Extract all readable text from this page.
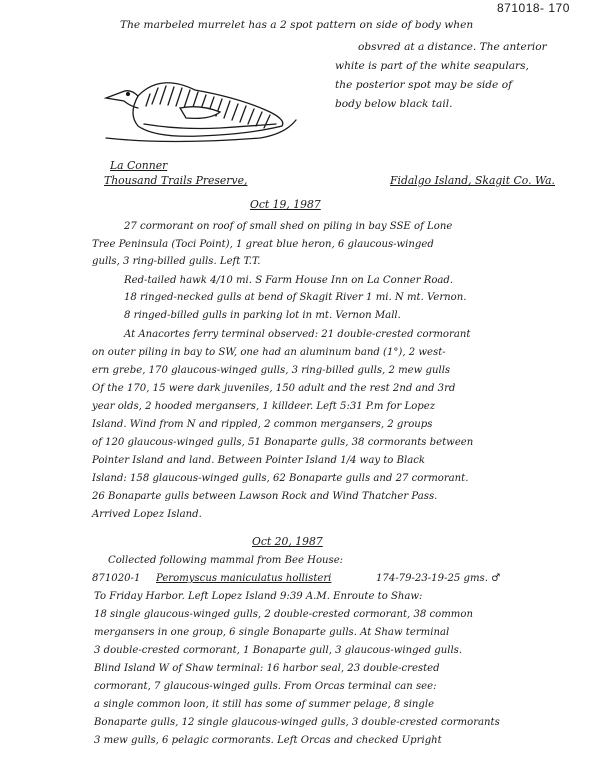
871018- 170
The marbeled murrelet has a 2 spot pattern on side of body when
obsvred at a distance. The anterior
white is part of the white seapulars,
the posterior spot may be side of
body below black tail.
La Conner
Thousand Trails Preserve,	Fidalgo Island, Skagit Co. Wa.
Oct 19, 1987
27 cormorant on roof of small shed on piling in bay SSE of Lone
Tree Peninsula (Toci Point), 1 great blue heron, 6 glaucous-winged
gulls, 3 ring-billed gulls. Left T.T.
Red-tailed hawk 4/10 mi. S Farm House Inn on La Conner Road.
18 ringed-necked gulls at bend of Skagit River 1 mi. N mt. Vernon.
8 ringed-billed gulls in parking lot in mt. Vernon Mall.
At Anacortes ferry terminal observed: 21 double-crested cormorant
on outer piling in bay to SW, one had an aluminum band (1°), 2 west-
ern grebe, 170 glaucous-winged gulls, 3 ring-billed gulls, 2 mew gulls
Of the 170, 15 were dark juveniles, 150 adult and the rest 2nd and 3rd
year olds, 2 hooded mergansers, 1 killdeer. Left 5:31 P.m for Lopez
Island. Wind from N and rippled, 2 common mergansers, 2 groups
of 120 glaucous-winged gulls, 51 Bonaparte gulls, 38 cormorants between
Pointer Island and land. Between Pointer Island 1/4 way to Black
Island: 158 glaucous-winged gulls, 62 Bonaparte gulls and 27 cormorant.
26 Bonaparte gulls between Lawson Rock and Wind Thatcher Pass.
Arrived Lopez Island.
Oct 20, 1987
Collected following mammal from Bee House:
871020-1 Peromyscus maniculatus hollisteri	174-79-23-19-25 gms. ♂
To Friday Harbor. Left Lopez Island 9:39 A.M. Enroute to Shaw:
18 single glaucous-winged gulls, 2 double-crested cormorant, 38 common
mergansers in one group, 6 single Bonaparte gulls. At Shaw terminal
3 double-crested cormorant, 1 Bonaparte gull, 3 glaucous-winged gulls.
Blind Island W of Shaw terminal: 16 harbor seal, 23 double-crested
cormorant, 7 glaucous-winged gulls. From Orcas terminal can see:
a single common loon, it still has some of summer pelage, 8 single
Bonaparte gulls, 12 single glaucous-winged gulls, 3 double-crested cormorants
3 mew gulls, 6 pelagic cormorants. Left Orcas and checked Upright
